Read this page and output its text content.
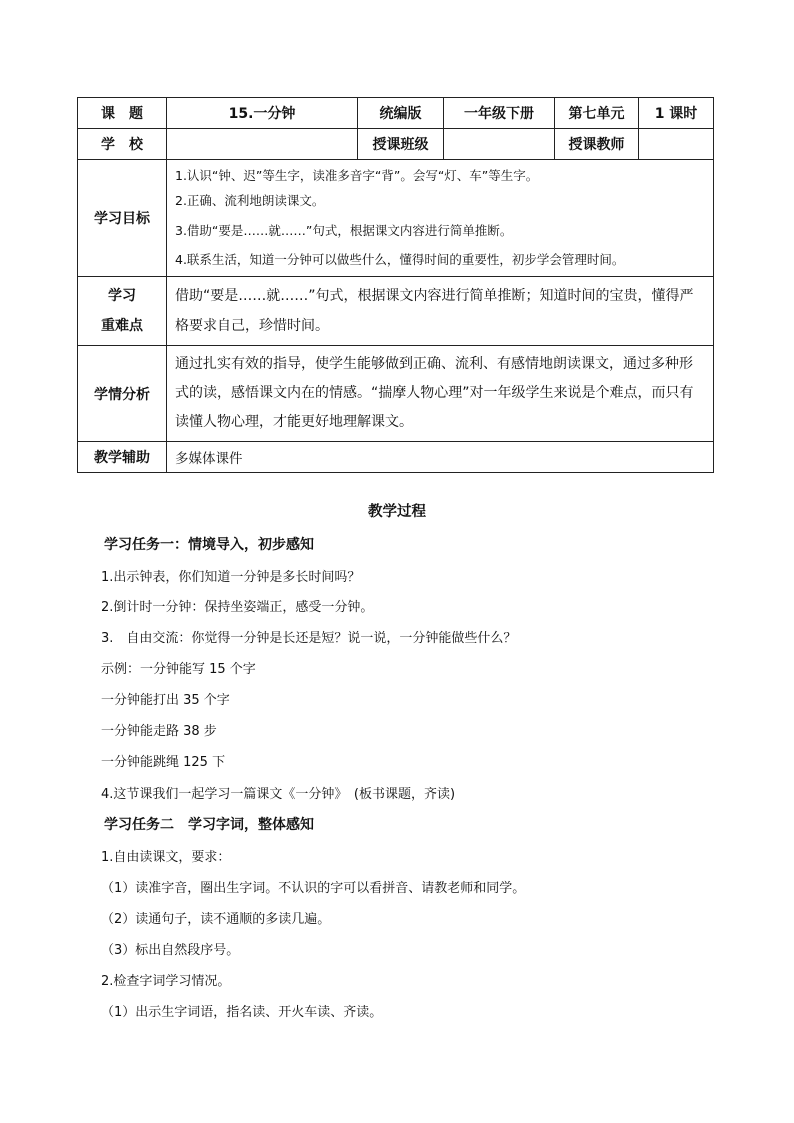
课　题	15.一分钟	统编版	一年级下册	第七单元	1 课时
学　校		授课班级		授课教师	
学习目标	1.认识“钟、迟”等生字，读准多音字“背”。会写“灯、车”等生字。

2.正确、流利地朗读课文。

3.借助“要是……就……”句式，根据课文内容进行简单推断。

4.联系生活，知道一分钟可以做些什么，懂得时间的重要性，初步学会管理时间。				

学习
重难点	借助“要是……就……”句式，根据课文内容进行简单推断；知道时间的宝贵，懂得严格要求自己，珍惜时间。				
学情分析	通过扎实有效的指导，使学生能够做到正确、流利、有感情地朗读课文，通过多种形式的读，感悟课文内在的情感。“揣摩人物心理”对一年级学生来说是个难点，而只有读懂人物心理，才能更好地理解课文。				
教学辅助	多媒体课件				
教学过程
学习任务一：情境导入，初步感知
1.出示钟表，你们知道一分钟是多长时间吗？
2.倒计时一分钟：保持坐姿端正，感受一分钟。
3.　自由交流：你觉得一分钟是长还是短？说一说，一分钟能做些什么？
示例：一分钟能写 15 个字
一分钟能打出 35 个字
一分钟能走路 38 步
一分钟能跳绳 125 下
4.这节课我们一起学习一篇课文《一分钟》　(板书课题，齐读)
学习任务二　学习字词，整体感知
1.自由读课文，要求：
（1）读准字音，圈出生字词。不认识的字可以看拼音、请教老师和同学。
（2）读通句子，读不通顺的多读几遍。
（3）标出自然段序号。
2.检查字词学习情况。
（1）出示生字词语，指名读、开火车读、齐读。
